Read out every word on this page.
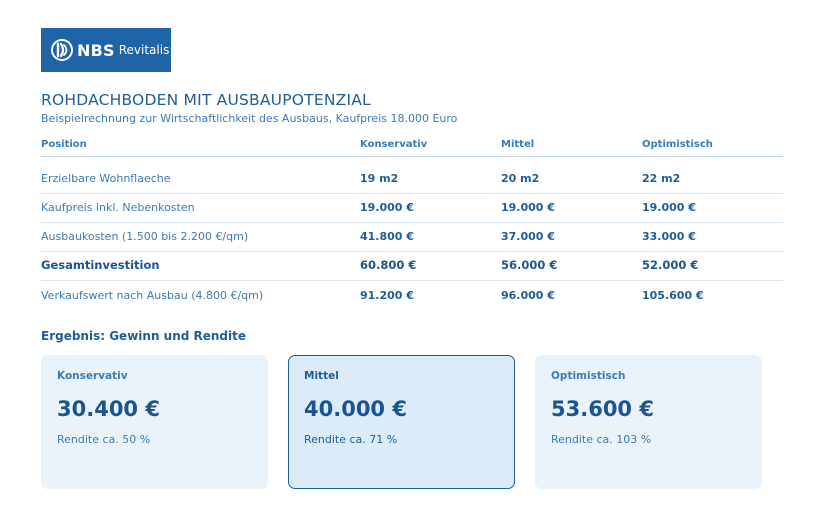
NBS Revitalis
ROHDACHBODEN MIT AUSBAUPOTENZIAL
Beispielrechnung zur Wirtschaftlichkeit des Ausbaus, Kaufpreis 18.000 Euro
Position	Konservativ	Mittel	Optimistisch
Erzielbare Wohnflaeche	19 m2	20 m2	22 m2
Kaufpreis inkl. Nebenkosten	19.000 €	19.000 €	19.000 €
Ausbaukosten (1.500 bis 2.200 €/qm)	41.800 €	37.000 €	33.000 €
Gesamtinvestition	60.800 €	56.000 €	52.000 €
Verkaufswert nach Ausbau (4.800 €/qm)	91.200 €	96.000 €	105.600 €
Ergebnis: Gewinn und Rendite
Konservativ
30.400 €
Rendite ca. 50 %
Mittel
40.000 €
Rendite ca. 71 %
Optimistisch
53.600 €
Rendite ca. 103 %
